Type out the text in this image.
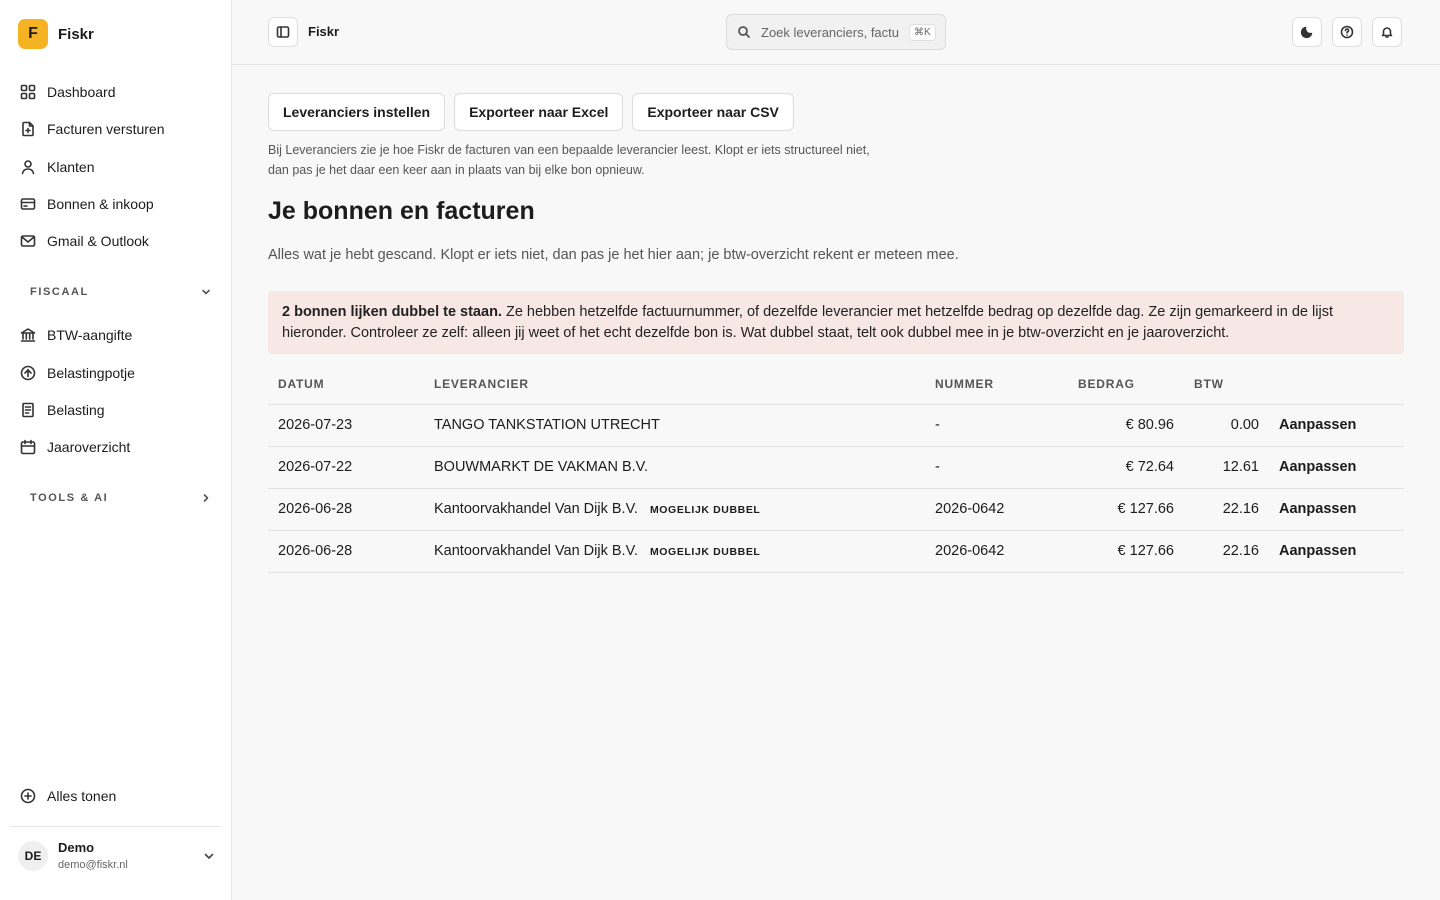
F	Fiskr
Dashboard
Facturen versturen
Klanten
Bonnen & inkoop
Gmail & Outlook
FISCAAL
BTW-aangifte
Belastingpotje
Belasting
Jaaroverzicht
TOOLS & AI
Alles tonen
DE
Demo
demo@fiskr.nl
Fiskr
Zoek leveranciers, factu	⌘K
Leveranciers instellen	Exporteer naar Excel	Exporteer naar CSV
Bij Leveranciers zie je hoe Fiskr de facturen van een bepaalde leverancier leest. Klopt er iets structureel niet,
dan pas je het daar een keer aan in plaats van bij elke bon opnieuw.
Je bonnen en facturen

Alles wat je hebt gescand. Klopt er iets niet, dan pas je het hier aan; je btw-overzicht rekent er meteen mee.

2 bonnen lijken dubbel te staan. Ze hebben hetzelfde factuurnummer, of dezelfde leverancier met hetzelfde bedrag op dezelfde dag. Ze zijn gemarkeerd in de lijst hieronder. Controleer ze zelf: alleen jij weet of het echt dezelfde bon is. Wat dubbel staat, telt ook dubbel mee in je btw-overzicht en je jaaroverzicht.
DATUM	LEVERANCIER	NUMMER	BEDRAG	BTW	
2026-07-23	TANGO TANKSTATION UTRECHT	-	€ 80.96	0.00	Aanpassen
2026-07-22	BOUWMARKT DE VAKMAN B.V.	-	€ 72.64	12.61	Aanpassen
2026-06-28	Kantoorvakhandel Van Dijk B.V. MOGELIJK DUBBEL	2026-0642	€ 127.66	22.16	Aanpassen
2026-06-28	Kantoorvakhandel Van Dijk B.V. MOGELIJK DUBBEL	2026-0642	€ 127.66	22.16	Aanpassen
